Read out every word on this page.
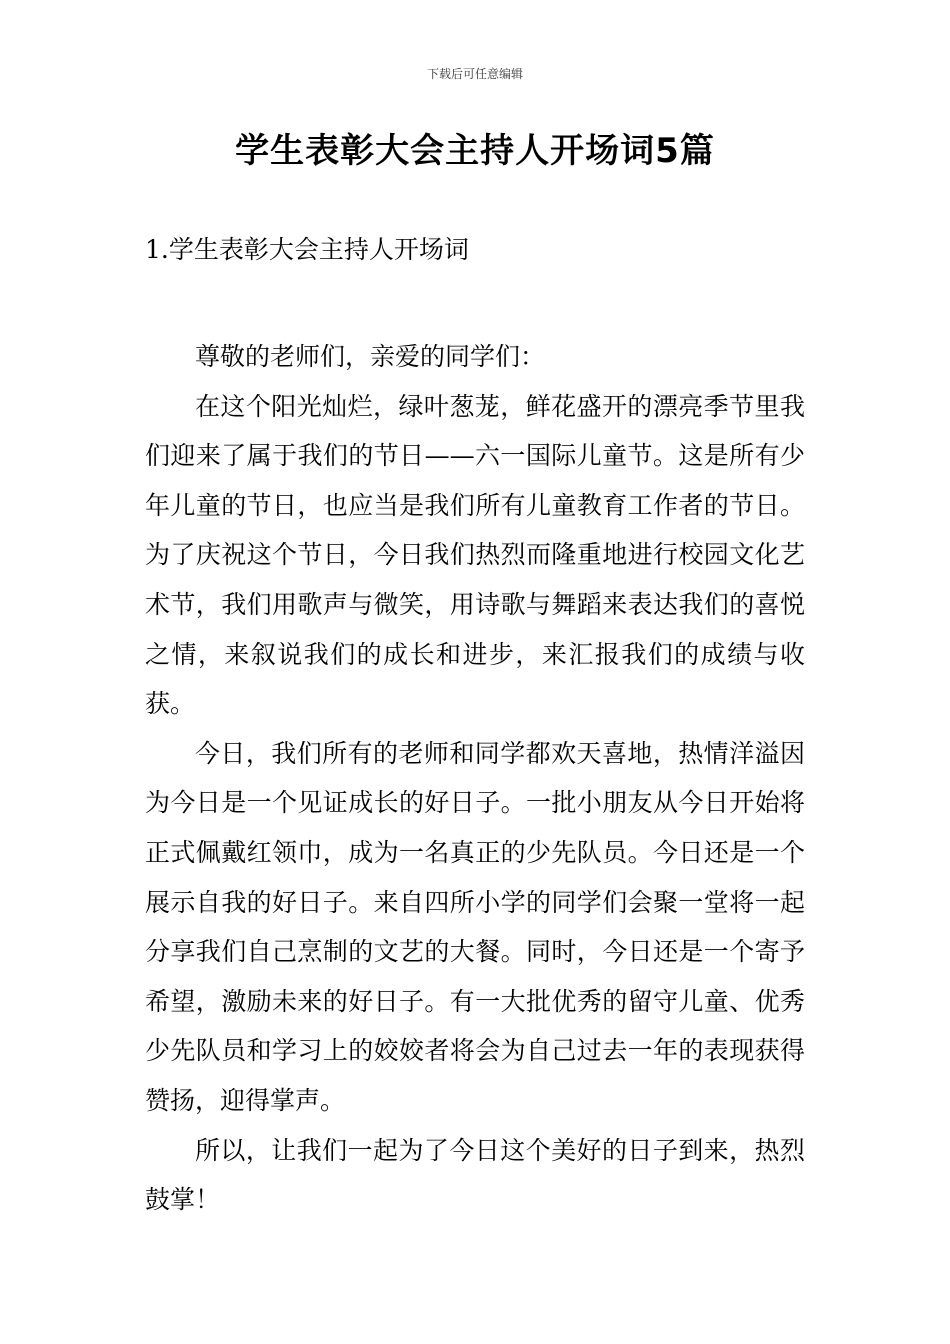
下载后可任意编辑
学生表彰大会主持人开场词5篇
1.学生表彰大会主持人开场词

尊敬的老师们，亲爱的同学们：

在这个阳光灿烂，绿叶葱茏，鲜花盛开的漂亮季节里我们迎来了属于我们的节日——六一国际儿童节。这是所有少年儿童的节日，也应当是我们所有儿童教育工作者的节日。为了庆祝这个节日，今日我们热烈而隆重地进行校园文化艺术节，我们用歌声与微笑，用诗歌与舞蹈来表达我们的喜悦之情，来叙说我们的成长和进步，来汇报我们的成绩与收获。

今日，我们所有的老师和同学都欢天喜地，热情洋溢因为今日是一个见证成长的好日子。一批小朋友从今日开始将正式佩戴红领巾，成为一名真正的少先队员。今日还是一个展示自我的好日子。来自四所小学的同学们会聚一堂将一起分享我们自己烹制的文艺的大餐。同时，今日还是一个寄予希望，激励未来的好日子。有一大批优秀的留守儿童、优秀少先队员和学习上的姣姣者将会为自己过去一年的表现获得赞扬，迎得掌声。

所以，让我们一起为了今日这个美好的日子到来，热烈鼓掌！
